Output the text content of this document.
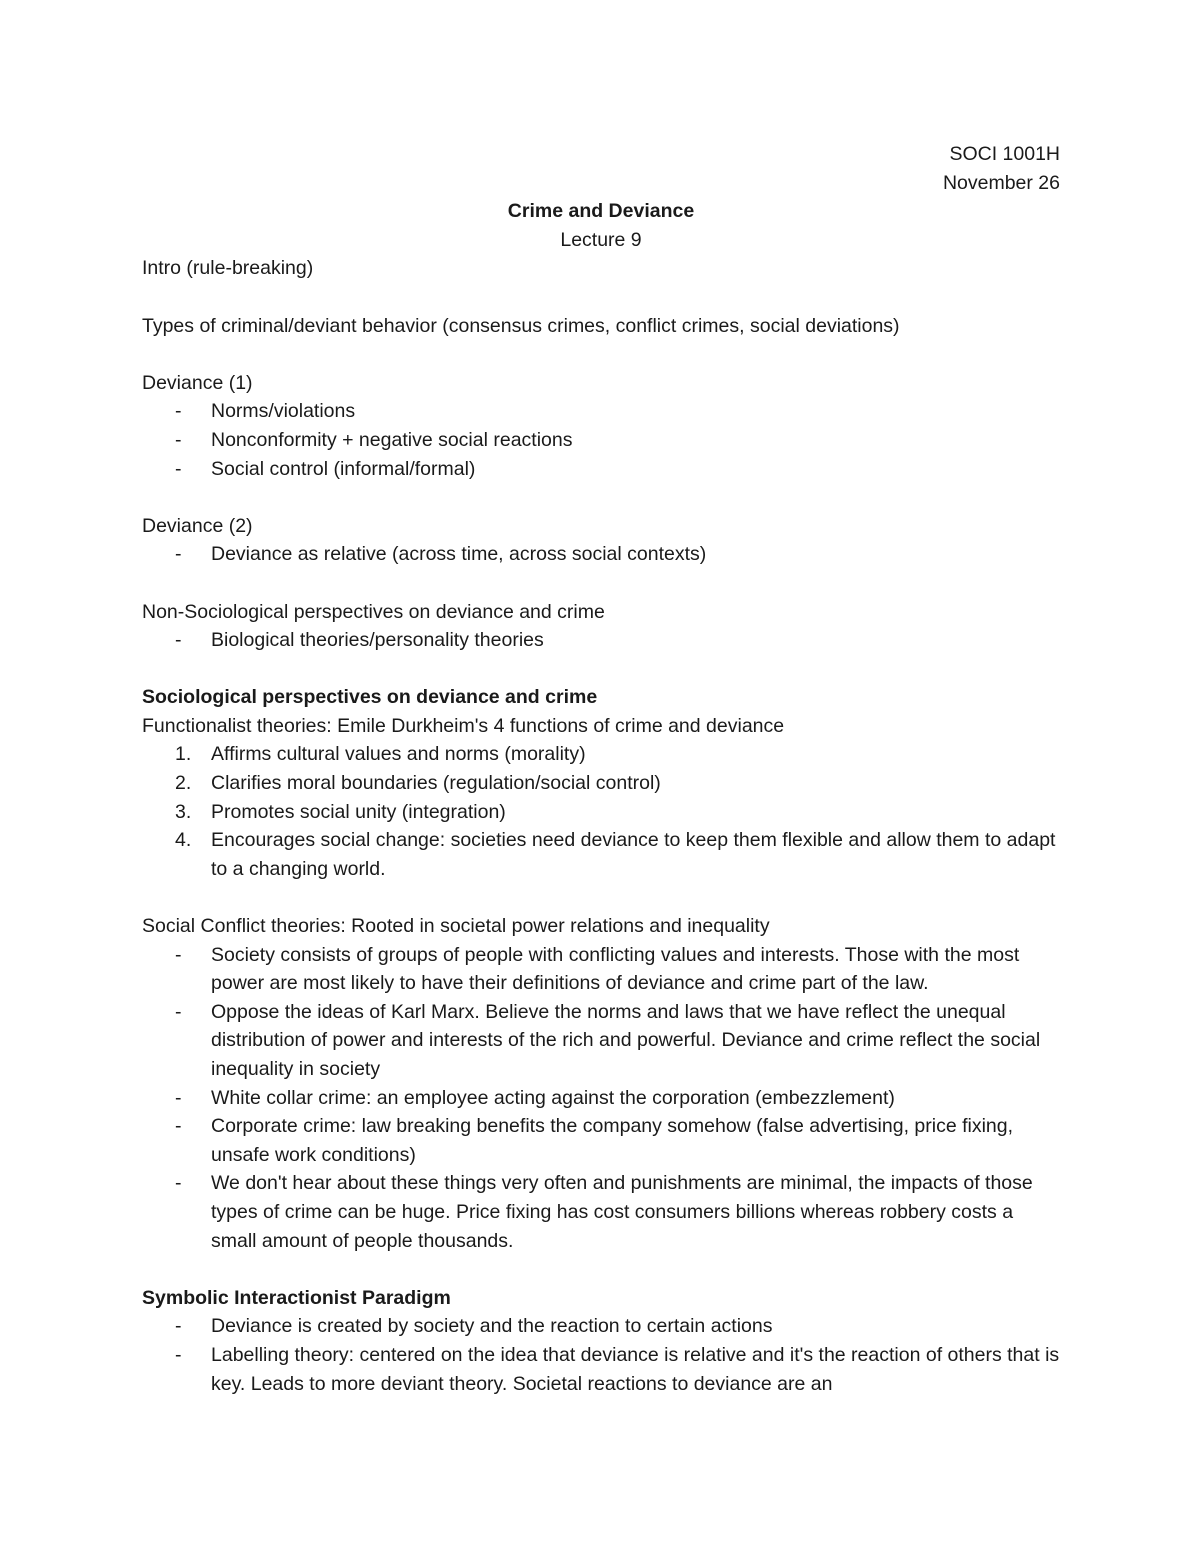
SOCI 1001H
November 26
Crime and Deviance
Lecture 9
Intro (rule-breaking)
Types of criminal/deviant behavior (consensus crimes, conflict crimes, social deviations)
Deviance (1)
- Norms/violations
- Nonconformity + negative social reactions
- Social control (informal/formal)
Deviance (2)
- Deviance as relative (across time, across social contexts)
Non-Sociological perspectives on deviance and crime
- Biological theories/personality theories
Sociological perspectives on deviance and crime
Functionalist theories: Emile Durkheim's 4 functions of crime and deviance
1. Affirms cultural values and norms (morality)
2. Clarifies moral boundaries (regulation/social control)
3. Promotes social unity (integration)
4. Encourages social change: societies need deviance to keep them flexible and allow them to adapt to a changing world.
Social Conflict theories: Rooted in societal power relations and inequality
- Society consists of groups of people with conflicting values and interests. Those with the most power are most likely to have their definitions of deviance and crime part of the law.
- Oppose the ideas of Karl Marx. Believe the norms and laws that we have reflect the unequal distribution of power and interests of the rich and powerful. Deviance and crime reflect the social inequality in society
- White collar crime: an employee acting against the corporation (embezzlement)
- Corporate crime: law breaking benefits the company somehow (false advertising, price fixing, unsafe work conditions)
- We don't hear about these things very often and punishments are minimal, the impacts of those types of crime can be huge. Price fixing has cost consumers billions whereas robbery costs a small amount of people thousands.
Symbolic Interactionist Paradigm
- Deviance is created by society and the reaction to certain actions
- Labelling theory: centered on the idea that deviance is relative and it's the reaction of others that is key. Leads to more deviant theory. Societal reactions to deviance are an
